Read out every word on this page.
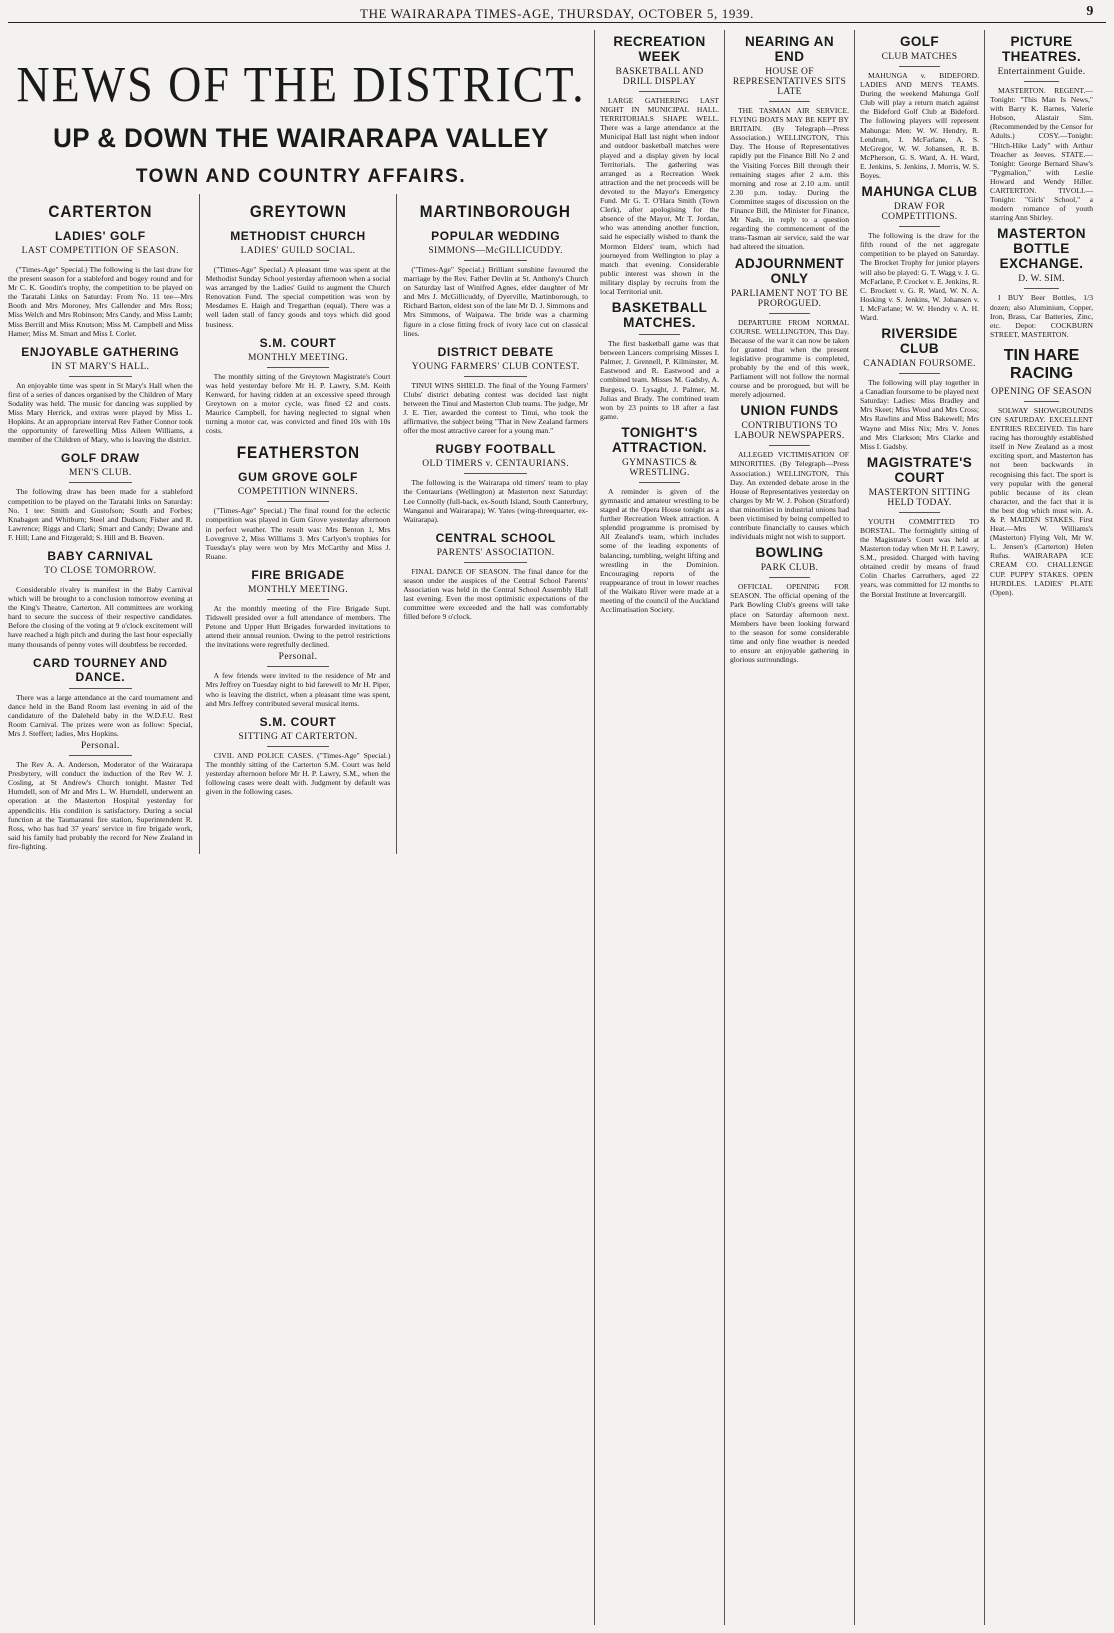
THE WAIRARAPA TIMES-AGE, THURSDAY, OCTOBER 5, 1939.	9
NEWS OF THE DISTRICT.
UP & DOWN THE WAIRARAPA VALLEY
TOWN AND COUNTRY AFFAIRS.
CARTERTON
LADIES' GOLF
LAST COMPETITION OF SEASON.

("Times-Age" Special.) The following is the last draw for the present season for a stableford and bogey round and for Mr C. K. Goodin's trophy, the competition to be played on the Taratahi Links on Saturday: From No. 11 tee—Mrs Booth and Mrs Moroney, Mrs Callender and Mrs Ross; Miss Welch and Mrs Robinson; Mrs Candy, and Miss Lamb; Miss Berrill and Miss Knutson; Miss M. Campbell and Miss Hamer; Miss M. Smart and Miss I. Corlet.

ENJOYABLE GATHERING
IN ST MARY'S HALL.

An enjoyable time was spent in St Mary's Hall when the first of a series of dances organised by the Children of Mary Sodality was held. The music for dancing was supplied by Miss Mary Herrick, and extras were played by Miss L. Hopkins. At an appropriate interval Rev Father Connor took the opportunity of farewelling Miss Aileen Williams, a member of the Children of Mary, who is leaving the district.

GOLF DRAW
MEN'S CLUB.

The following draw has been made for a stableford competition to be played on the Taratahi links on Saturday: No. 1 tee: Smith and Gustofson; South and Forbes; Knabagen and Whitburn; Steel and Dudson; Fisher and R. Lawrence; Riggs and Clark; Smart and Candy; Dwane and F. Hill; Lane and Fitzgerald; S. Hill and B. Beaven.

BABY CARNIVAL
TO CLOSE TOMORROW.

Considerable rivalry is manifest in the Baby Carnival which will be brought to a conclusion tomorrow evening at the King's Theatre, Carterton. All committees are working hard to secure the success of their respective candidates. Before the closing of the voting at 9 o'clock excitement will have reached a high pitch and during the last hour especially many thousands of penny votes will doubtless be recorded.

CARD TOURNEY AND DANCE.

There was a large attendance at the card tournament and dance held in the Band Room last evening in aid of the candidature of the Daleheld baby in the W.D.F.U. Rest Room Carnival. The prizes were won as follow: Special, Mrs J. Steffert; ladies, Mrs Hopkins.

Personal.

The Rev A. A. Anderson, Moderator of the Wairarapa Presbytery, will conduct the induction of the Rev W. J. Cosling, at St Andrew's Church tonight. Master Ted Hurndell, son of Mr and Mrs L. W. Hurndell, underwent an operation at the Masterton Hospital yesterday for appendicitis. His condition is satisfactory. During a social function at the Taumaranui fire station, Superintendent R. Ross, who has had 37 years' service in fire brigade work, said his family had probably the record for New Zealand in fire-fighting.

GREYTOWN
METHODIST CHURCH
LADIES' GUILD SOCIAL.

("Times-Age" Special.) A pleasant time was spent at the Methodist Sunday School yesterday afternoon when a social was arranged by the Ladies' Guild to augment the Church Renovation Fund. The special competition was won by Mesdames E. Haigh and Tregarthan (equal). There was a well laden stall of fancy goods and toys which did good business.

S.M. COURT
MONTHLY MEETING.

The monthly sitting of the Greytown Magistrate's Court was held yesterday before Mr H. P. Lawry, S.M. Keith Kenward, for having ridden at an excessive speed through Greytown on a motor cycle, was fined £2 and costs. Maurice Campbell, for having neglected to signal when turning a motor car, was convicted and fined 10s with 10s costs.

FEATHERSTON
GUM GROVE GOLF
COMPETITION WINNERS.

("Times-Age" Special.) The final round for the eclectic competition was played in Gum Grove yesterday afternoon in perfect weather. The result was: Mrs Benton 1, Mrs Lovegrove 2, Miss Williams 3. Mrs Carlyon's trophies for Tuesday's play were won by Mrs McCarthy and Miss J. Ruane.

FIRE BRIGADE
MONTHLY MEETING.

At the monthly meeting of the Fire Brigade Supt. Tidswell presided over a full attendance of members. The Petone and Upper Hutt Brigades forwarded invitations to attend their annual reunion. Owing to the petrol restrictions the invitations were regretfully declined.

Personal.

A few friends were invited to the residence of Mr and Mrs Jeffrey on Tuesday night to bid farewell to Mr H. Piper, who is leaving the district, when a pleasant time was spent, and Mrs Jeffrey contributed several musical items.

S.M. COURT
SITTING AT CARTERTON.

CIVIL AND POLICE CASES. ("Times-Age" Special.) The monthly sitting of the Carterton S.M. Court was held yesterday afternoon before Mr H. P. Lawry, S.M., when the following cases were dealt with. Judgment by default was given in the following cases.

MARTINBOROUGH
POPULAR WEDDING
SIMMONS—McGILLICUDDY.

("Times-Age" Special.) Brilliant sunshine favoured the marriage by the Rev. Father Devlin at St. Anthony's Church on Saturday last of Winifred Agnes, elder daughter of Mr and Mrs J. McGillicuddy, of Dyerville, Martinborough, to Richard Barton, eldest son of the late Mr D. J. Simmons and Mrs Simmons, of Waipawa. The bride was a charming figure in a close fitting frock of ivory lace cut on classical lines.

DISTRICT DEBATE
YOUNG FARMERS' CLUB CONTEST.

TINUI WINS SHIELD. The final of the Young Farmers' Clubs' district debating contest was decided last night between the Tinui and Masterton Club teams. The judge, Mr J. E. Tier, awarded the contest to Tinui, who took the affirmative, the subject being "That in New Zealand farmers offer the most attractive career for a young man."

RUGBY FOOTBALL
OLD TIMERS v. CENTAURIANS.

The following is the Wairarapa old timers' team to play the Centaurians (Wellington) at Masterton next Saturday: Lee Connolly (full-back, ex-South Island, South Canterbury, Wanganui and Wairarapa); W. Yates (wing-threequarter, ex-Wairarapa).

CENTRAL SCHOOL
PARENTS' ASSOCIATION.

FINAL DANCE OF SEASON. The final dance for the season under the auspices of the Central School Parents' Association was held in the Central School Assembly Hall last evening. Even the most optimistic expectations of the committee were exceeded and the hall was comfortably filled before 9 o'clock.

RECREATION WEEK
BASKETBALL AND DRILL DISPLAY

LARGE GATHERING LAST NIGHT IN MUNICIPAL HALL. TERRITORIALS SHAPE WELL. There was a large attendance at the Municipal Hall last night when indoor and outdoor basketball matches were played and a display given by local Territorials. The gathering was arranged as a Recreation Week attraction and the net proceeds will be devoted to the Mayor's Emergency Fund. Mr G. T. O'Hara Smith (Town Clerk), after apologising for the absence of the Mayor, Mr T. Jordan, who was attending another function, said he especially wished to thank the Mormon Elders' team, which had journeyed from Wellington to play a match that evening. Considerable public interest was shown in the military display by recruits from the local Territorial unit.

BASKETBALL MATCHES.

The first basketball game was that between Lancers comprising Misses I. Palmer, J. Grennell, P. Kilminster, M. Eastwood and R. Eastwood and a combined team. Misses M. Gadsby, A. Burgess, O. Lysaght, J. Palmer, M. Julias and Brady. The combined team won by 23 points to 18 after a fast game.

TONIGHT'S ATTRACTION.
GYMNASTICS & WRESTLING.

A reminder is given of the gymnastic and amateur wrestling to be staged at the Opera House tonight as a further Recreation Week attraction. A splendid programme is promised by All Zealand's team, which includes some of the leading exponents of balancing, tumbling, weight lifting and wrestling in the Dominion. Encouraging reports of the reappearance of trout in lower reaches of the Waikato River were made at a meeting of the council of the Auckland Acclimatisation Society.

NEARING AN END
HOUSE OF REPRESENTATIVES SITS LATE

THE TASMAN AIR SERVICE. FLYING BOATS MAY BE KEPT BY BRITAIN. (By Telegraph—Press Association.) WELLINGTON, This Day. The House of Representatives rapidly put the Finance Bill No 2 and the Visiting Forces Bill through their remaining stages after 2 a.m. this morning and rose at 2.10 a.m. until 2.30 p.m. today. During the Committee stages of discussion on the Finance Bill, the Minister for Finance, Mr Nash, in reply to a question regarding the commencement of the trans-Tasman air service, said the war had altered the situation.

ADJOURNMENT ONLY
PARLIAMENT NOT TO BE PROROGUED.

DEPARTURE FROM NORMAL COURSE. WELLINGTON, This Day. Because of the war it can now be taken for granted that when the present legislative programme is completed, probably by the end of this week, Parliament will not follow the normal course and be prorogued, but will be merely adjourned.

UNION FUNDS
CONTRIBUTIONS TO LABOUR NEWSPAPERS.

ALLEGED VICTIMISATION OF MINORITIES. (By Telegraph—Press Association.) WELLINGTON, This Day. An extended debate arose in the House of Representatives yesterday on charges by Mr W. J. Polson (Stratford) that minorities in industrial unions had been victimised by being compelled to contribute financially to causes which individuals might not wish to support.

BOWLING
PARK CLUB.

OFFICIAL OPENING FOR SEASON. The official opening of the Park Bowling Club's greens will take place on Saturday afternoon next. Members have been looking forward to the season for some considerable time and only fine weather is needed to ensure an enjoyable gathering in glorious surroundings.

GOLF
CLUB MATCHES

MAHUNGA v. BIDEFORD. LADIES AND MEN'S TEAMS. During the weekend Mahunga Golf Club will play a return match against the Bideford Golf Club at Bideford. The following players will represent Mahunga: Men: W. W. Hendry, R. Lendrum, I. McFarlane, A. S. McGregor, W. W. Johansen, R. B. McPherson, G. S. Ward, A. H. Ward, E. Jenkins, S. Jenkins, J. Morris, W. S. Boyes.

MAHUNGA CLUB
DRAW FOR COMPETITIONS.

The following is the draw for the fifth round of the net aggregate competition to be played on Saturday. The Brocket Trophy for junior players will also be played: G. T. Wagg v. J. G. McFarlane, P. Crocket v. E. Jenkins, R. C. Brockett v. G. R. Ward, W. N. A. Hosking v. S. Jenkins, W. Johansen v. I. McFarlane; W. W. Hendry v. A. H. Ward.

RIVERSIDE CLUB
CANADIAN FOURSOME.

The following will play together in a Canadian foursome to be played next Saturday: Ladies: Miss Bradley and Mrs Skeet; Miss Wood and Mrs Cross; Mrs Rawlins and Miss Bakewell; Mrs Wayne and Miss Nix; Mrs V. Jones and Mrs Clarkson; Mrs Clarke and Miss I. Gadsby.

MAGISTRATE'S COURT
MASTERTON SITTING HELD TODAY.

YOUTH COMMITTED TO BORSTAL. The fortnightly sitting of the Magistrate's Court was held at Masterton today when Mr H. P. Lawry, S.M., presided. Charged with having obtained credit by means of fraud Colin Charles Carruthers, aged 22 years, was committed for 12 months to the Borstal Institute at Invercargill.

PICTURE THEATRES.
Entertainment Guide.

MASTERTON. REGENT.—Tonight: "This Man Is News," with Barry K. Barnes, Valerie Hobson, Alastair Sim. (Recommended by the Censor for Adults.) COSY.—Tonight: "Hitch-Hike Lady" with Arthur Treacher as Jeeves. STATE.—Tonight: George Bernard Shaw's "Pygmalion," with Leslie Howard and Wendy Hiller. CARTERTON. TIVOLI.—Tonight: "Girls' School," a modern romance of youth starring Ann Shirley.

MASTERTON BOTTLE EXCHANGE.
D. W. SIM.

I BUY Beer Bottles, 1/3 dozen; also Aluminium, Copper, Iron, Brass, Car Batteries, Zinc, etc. Depot: COCKBURN STREET, MASTERTON.

TIN HARE RACING
OPENING OF SEASON

SOLWAY SHOWGROUNDS ON SATURDAY. EXCELLENT ENTRIES RECEIVED. Tin hare racing has thoroughly established itself in New Zealand as a most exciting sport, and Masterton has not been backwards in recognising this fact. The sport is very popular with the general public because of its clean character, and the fact that it is the best dog which must win. A. & P. MAIDEN STAKES. First Heat.—Mrs W. Williams's (Masterton) Flying Velt, Mr W. L. Jensen's (Carterton) Helen Rufus. WAIRARAPA ICE CREAM CO. CHALLENGE CUP. PUPPY STAKES. OPEN HURDLES. LADIES' PLATE (Open).
